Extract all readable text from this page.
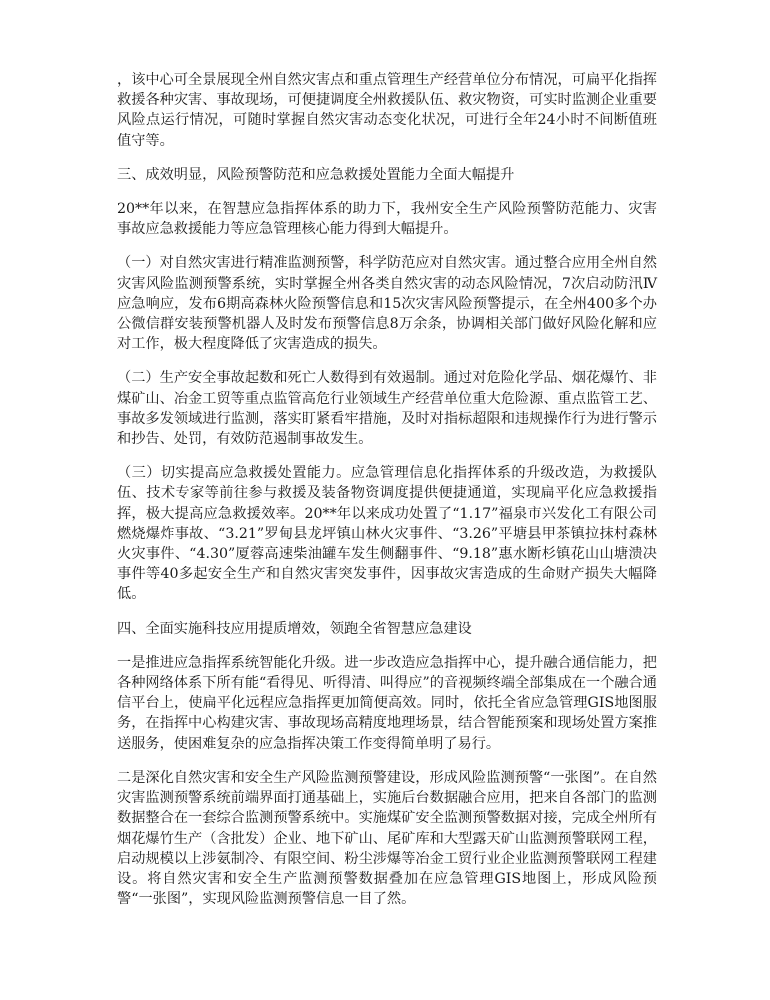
，该中心可全景展现全州自然灾害点和重点管理生产经营单位分布情况，可扁平化指挥救援各种灾害、事故现场，可便捷调度全州救援队伍、救灾物资，可实时监测企业重要风险点运行情况，可随时掌握自然灾害动态变化状况，可进行全年24小时不间断值班值守等。

三、成效明显，风险预警防范和应急救援处置能力全面大幅提升

20**年以来，在智慧应急指挥体系的助力下，我州安全生产风险预警防范能力、灾害事故应急救援能力等应急管理核心能力得到大幅提升。

（一）对自然灾害进行精准监测预警，科学防范应对自然灾害。通过整合应用全州自然灾害风险监测预警系统，实时掌握全州各类自然灾害的动态风险情况，7次启动防汛Ⅳ应急响应，发布6期高森林火险预警信息和15次灾害风险预警提示，在全州400多个办公微信群安装预警机器人及时发布预警信息8万余条，协调相关部门做好风险化解和应对工作，极大程度降低了灾害造成的损失。

（二）生产安全事故起数和死亡人数得到有效遏制。通过对危险化学品、烟花爆竹、非煤矿山、冶金工贸等重点监管高危行业领域生产经营单位重大危险源、重点监管工艺、事故多发领域进行监测，落实盯紧看牢措施，及时对指标超限和违规操作行为进行警示和抄告、处罚，有效防范遏制事故发生。

（三）切实提高应急救援处置能力。应急管理信息化指挥体系的升级改造，为救援队伍、技术专家等前往参与救援及装备物资调度提供便捷通道，实现扁平化应急救援指挥，极大提高应急救援效率。20**年以来成功处置了“1.17”福泉市兴发化工有限公司燃烧爆炸事故、“3.21”罗甸县龙坪镇山林火灾事件、“3.26”平塘县甲茶镇拉抹村森林火灾事件、“4.30”厦蓉高速柴油罐车发生侧翻事件、“9.18”惠水断杉镇花山山塘溃决事件等40多起安全生产和自然灾害突发事件，因事故灾害造成的生命财产损失大幅降低。

四、全面实施科技应用提质增效，领跑全省智慧应急建设

一是推进应急指挥系统智能化升级。进一步改造应急指挥中心，提升融合通信能力，把各种网络体系下所有能“看得见、听得清、叫得应”的音视频终端全部集成在一个融合通信平台上，使扁平化远程应急指挥更加简便高效。同时，依托全省应急管理GIS地图服务，在指挥中心构建灾害、事故现场高精度地理场景，结合智能预案和现场处置方案推送服务，使困难复杂的应急指挥决策工作变得简单明了易行。

二是深化自然灾害和安全生产风险监测预警建设，形成风险监测预警“一张图”。在自然灾害监测预警系统前端界面打通基础上，实施后台数据融合应用，把来自各部门的监测数据整合在一套综合监测预警系统中。实施煤矿安全监测预警数据对接，完成全州所有烟花爆竹生产（含批发）企业、地下矿山、尾矿库和大型露天矿山监测预警联网工程，启动规模以上涉氨制冷、有限空间、粉尘涉爆等冶金工贸行业企业监测预警联网工程建设。将自然灾害和安全生产监测预警数据叠加在应急管理GIS地图上，形成风险预警“一张图”，实现风险监测预警信息一目了然。
